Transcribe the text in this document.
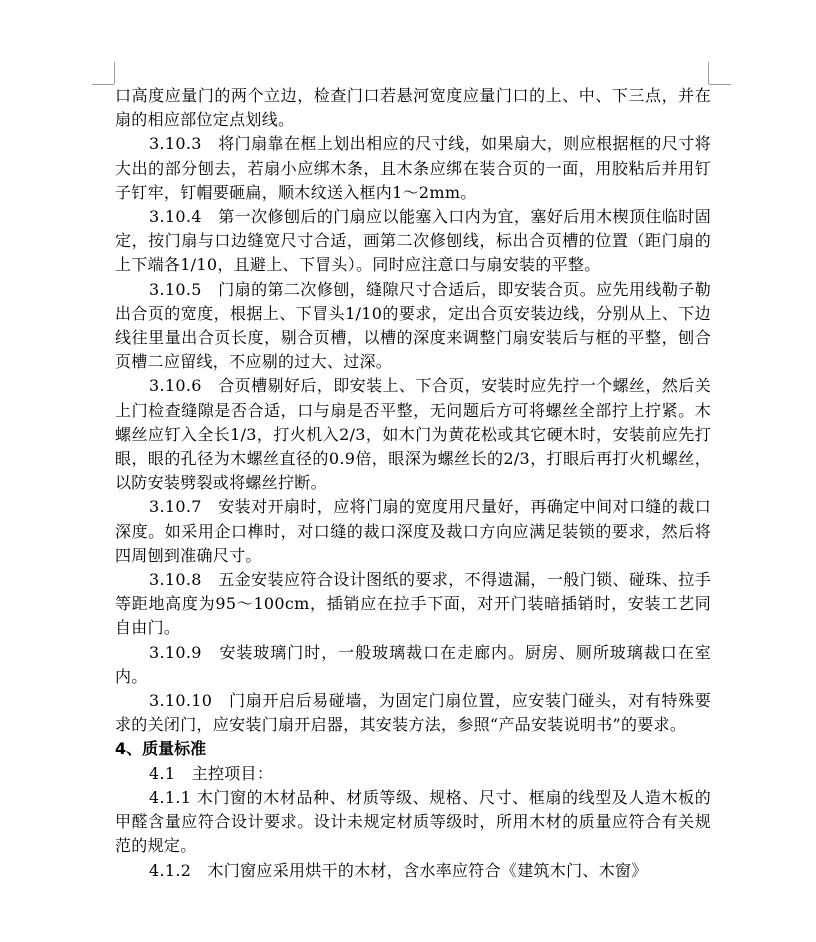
口高度应量门的两个立边，检查门口若悬河宽度应量门口的上、中、下三点，并在扇的相应部位定点划线。

3.10.3　将门扇靠在框上划出相应的尺寸线，如果扇大，则应根据框的尺寸将大出的部分刨去，若扇小应绑木条，且木条应绑在装合页的一面，用胶粘后并用钉子钉牢，钉帽要砸扁，顺木纹送入框内1～2mm。

3.10.4　第一次修刨后的门扇应以能塞入口内为宜，塞好后用木楔顶住临时固定，按门扇与口边缝宽尺寸合适，画第二次修刨线，标出合页槽的位置（距门扇的上下端各1/10，且避上、下冒头）。同时应注意口与扇安装的平整。

3.10.5　门扇的第二次修刨，缝隙尺寸合适后，即安装合页。应先用线勒子勒出合页的宽度，根据上、下冒头1/10的要求，定出合页安装边线，分别从上、下边线往里量出合页长度，剔合页槽，以槽的深度来调整门扇安装后与框的平整，刨合页槽二应留线，不应剔的过大、过深。

3.10.6　合页槽剔好后，即安装上、下合页，安装时应先拧一个螺丝，然后关上门检查缝隙是否合适，口与扇是否平整，无问题后方可将螺丝全部拧上拧紧。木螺丝应钉入全长1/3，打火机入2/3，如木门为黄花松或其它硬木时，安装前应先打眼，眼的孔径为木螺丝直径的0.9倍，眼深为螺丝长的2/3，打眼后再打火机螺丝，以防安装劈裂或将螺丝拧断。

3.10.7　安装对开扇时，应将门扇的宽度用尺量好，再确定中间对口缝的裁口深度。如采用企口榫时，对口缝的裁口深度及裁口方向应满足装锁的要求，然后将四周刨到准确尺寸。

3.10.8　五金安装应符合设计图纸的要求，不得遗漏，一般门锁、碰珠、拉手等距地高度为95～100cm，插销应在拉手下面，对开门装暗插销时，安装工艺同自由门。

3.10.9　安装玻璃门时，一般玻璃裁口在走廊内。厨房、厕所玻璃裁口在室内。

3.10.10　门扇开启后易碰墙，为固定门扇位置，应安装门碰头，对有特殊要求的关闭门，应安装门扇开启器，其安装方法，参照“产品安装说明书”的要求。

4、质量标准

4.1　主控项目：

4.1.1 木门窗的木材品种、材质等级、规格、尺寸、框扇的线型及人造木板的甲醛含量应符合设计要求。设计未规定材质等级时，所用木材的质量应符合有关规范的规定。

4.1.2　木门窗应采用烘干的木材，含水率应符合《建筑木门、木窗》
